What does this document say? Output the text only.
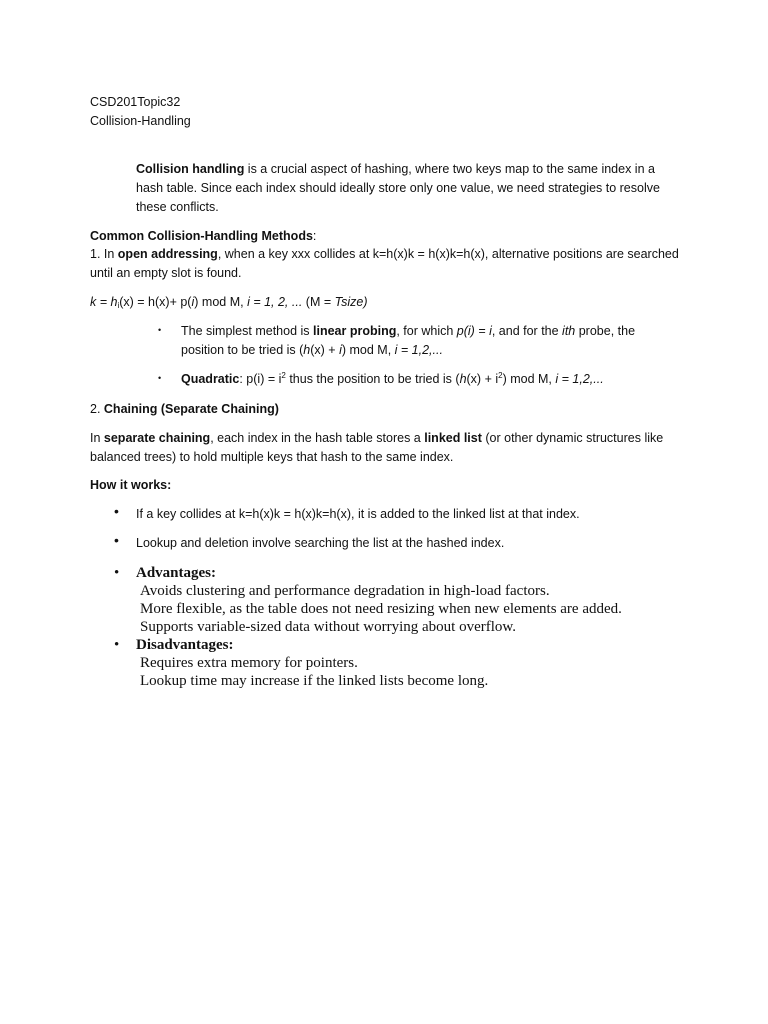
CSD201Topic32
Collision-Handling
Collision handling is a crucial aspect of hashing, where two keys map to the same index in a hash table. Since each index should ideally store only one value, we need strategies to resolve these conflicts.
Common Collision-Handling Methods:
1. In open addressing, when a key xxx collides at k=h(x)k = h(x)k=h(x), alternative positions are searched
until an empty slot is found.
$k = h_i(x) = h(x)+ p(i)$ mod M, i = 1, 2, ... (M = Tsize)
• The simplest method is linear probing, for which p(i) = i, and for the ith probe, the
position to be tried is (h(x) + i) mod M, i = 1,2,...
• Quadratic: $p(i) = i^2$ thus the position to be tried is $(h(x) + i^2)$ mod M, i = 1,2,...
2. Chaining (Separate Chaining)
In separate chaining, each index in the hash table stores a linked list (or other dynamic structures like
balanced trees) to hold multiple keys that hash to the same index.
How it works:
• If a key collides at k=h(x)k = h(x)k=h(x), it is added to the linked list at that index.
• Lookup and deletion involve searching the list at the hashed index.
• Advantages:
Avoids clustering and performance degradation in high-load factors.
More flexible, as the table does not need resizing when new elements are added.
Supports variable-sized data without worrying about overflow.
• Disadvantages:
Requires extra memory for pointers.
Lookup time may increase if the linked lists become long.
